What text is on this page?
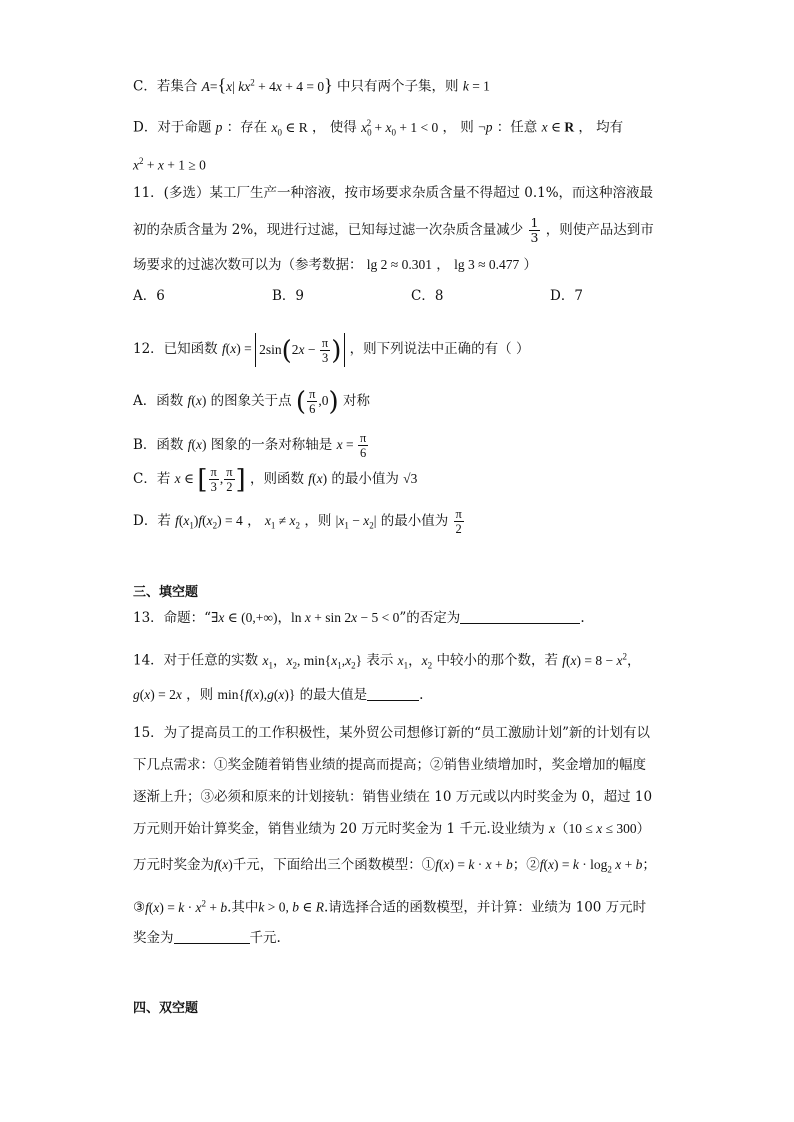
C．若集合 A={x| $kx^2 + 4x + 4 = 0$} 中只有两个子集，则 k = 1
D．对于命题 p ：存在 $x_0$ ∈ R ， 使得 $x_0^2 + x_0 + 1 < 0$ ， 则 ¬p ：任意 x ∈ R ， 均有
$x^2 + x + 1 \ge 0$
11．(多选）某工厂生产一种溶液，按市场要求杂质含量不得超过 0.1%，而这种溶液最
初的杂质含量为 2%，现进行过滤，已知每过滤一次杂质含量减少 $\frac{1}{3}$ ，则使产品达到市
场要求的过滤次数可以为（参考数据： lg 2 ≈ 0.301 ， lg 3 ≈ 0.477 ）
A．6	B．9	C．8	D．7
12．已知函数 $f(x) = 2\sin(2x - \frac{\pi}{3}$ ) ，则下列说法中正确的有（ ）
A．函数 f(x) 的图象关于点 ( $\frac{\pi}{6} ,0$) 对称
B．函数 f(x) 图象的一条对称轴是 $x = \frac{\pi}{6}$
C．若 x ∈ [ $\frac{\pi}{3}$ , $\frac{\pi}{2}$ ] ，则函数 f(x) 的最小值为 √3
D．若 $f(x_1)f(x_2) = 4$ ， $x_1 \ne x_2$ ，则 $|x_1 - x_2|$ 的最小值为 $\frac{\pi}{2}$
三、填空题
13．命题：“∃x ∈ (0,+∞)，ln x + sin 2x − 5 < 0”的否定为	.
14．对于任意的实数 $x_1$，$x_2$, $\min\{x_1,x_2\}$ 表示 $x_1$，$x_2$ 中较小的那个数，若 $f(x) = 8 - x^2$，
g(x) = 2x ，则 min{f(x),g(x)} 的最大值是	.
15．为了提高员工的工作积极性，某外贸公司想修订新的“员工激励计划”新的计划有以
下几点需求：①奖金随着销售业绩的提高而提高；②销售业绩增加时，奖金增加的幅度
逐渐上升；③必须和原来的计划接轨：销售业绩在 10 万元或以内时奖金为 0，超过 10
万元则开始计算奖金，销售业绩为 20 万元时奖金为 1 千元.设业绩为 x（10 ≤ x ≤ 300）
万元时奖金为f(x)千元，下面给出三个函数模型：①f(x) = k · x + b；②f(x) = $k \cdot \log_2 x + b$；
③f(x) = $k \cdot x^2 + b$.其中k > 0, b ∈ R.请选择合适的函数模型，并计算：业绩为 100 万元时
奖金为	千元.
四、双空题
